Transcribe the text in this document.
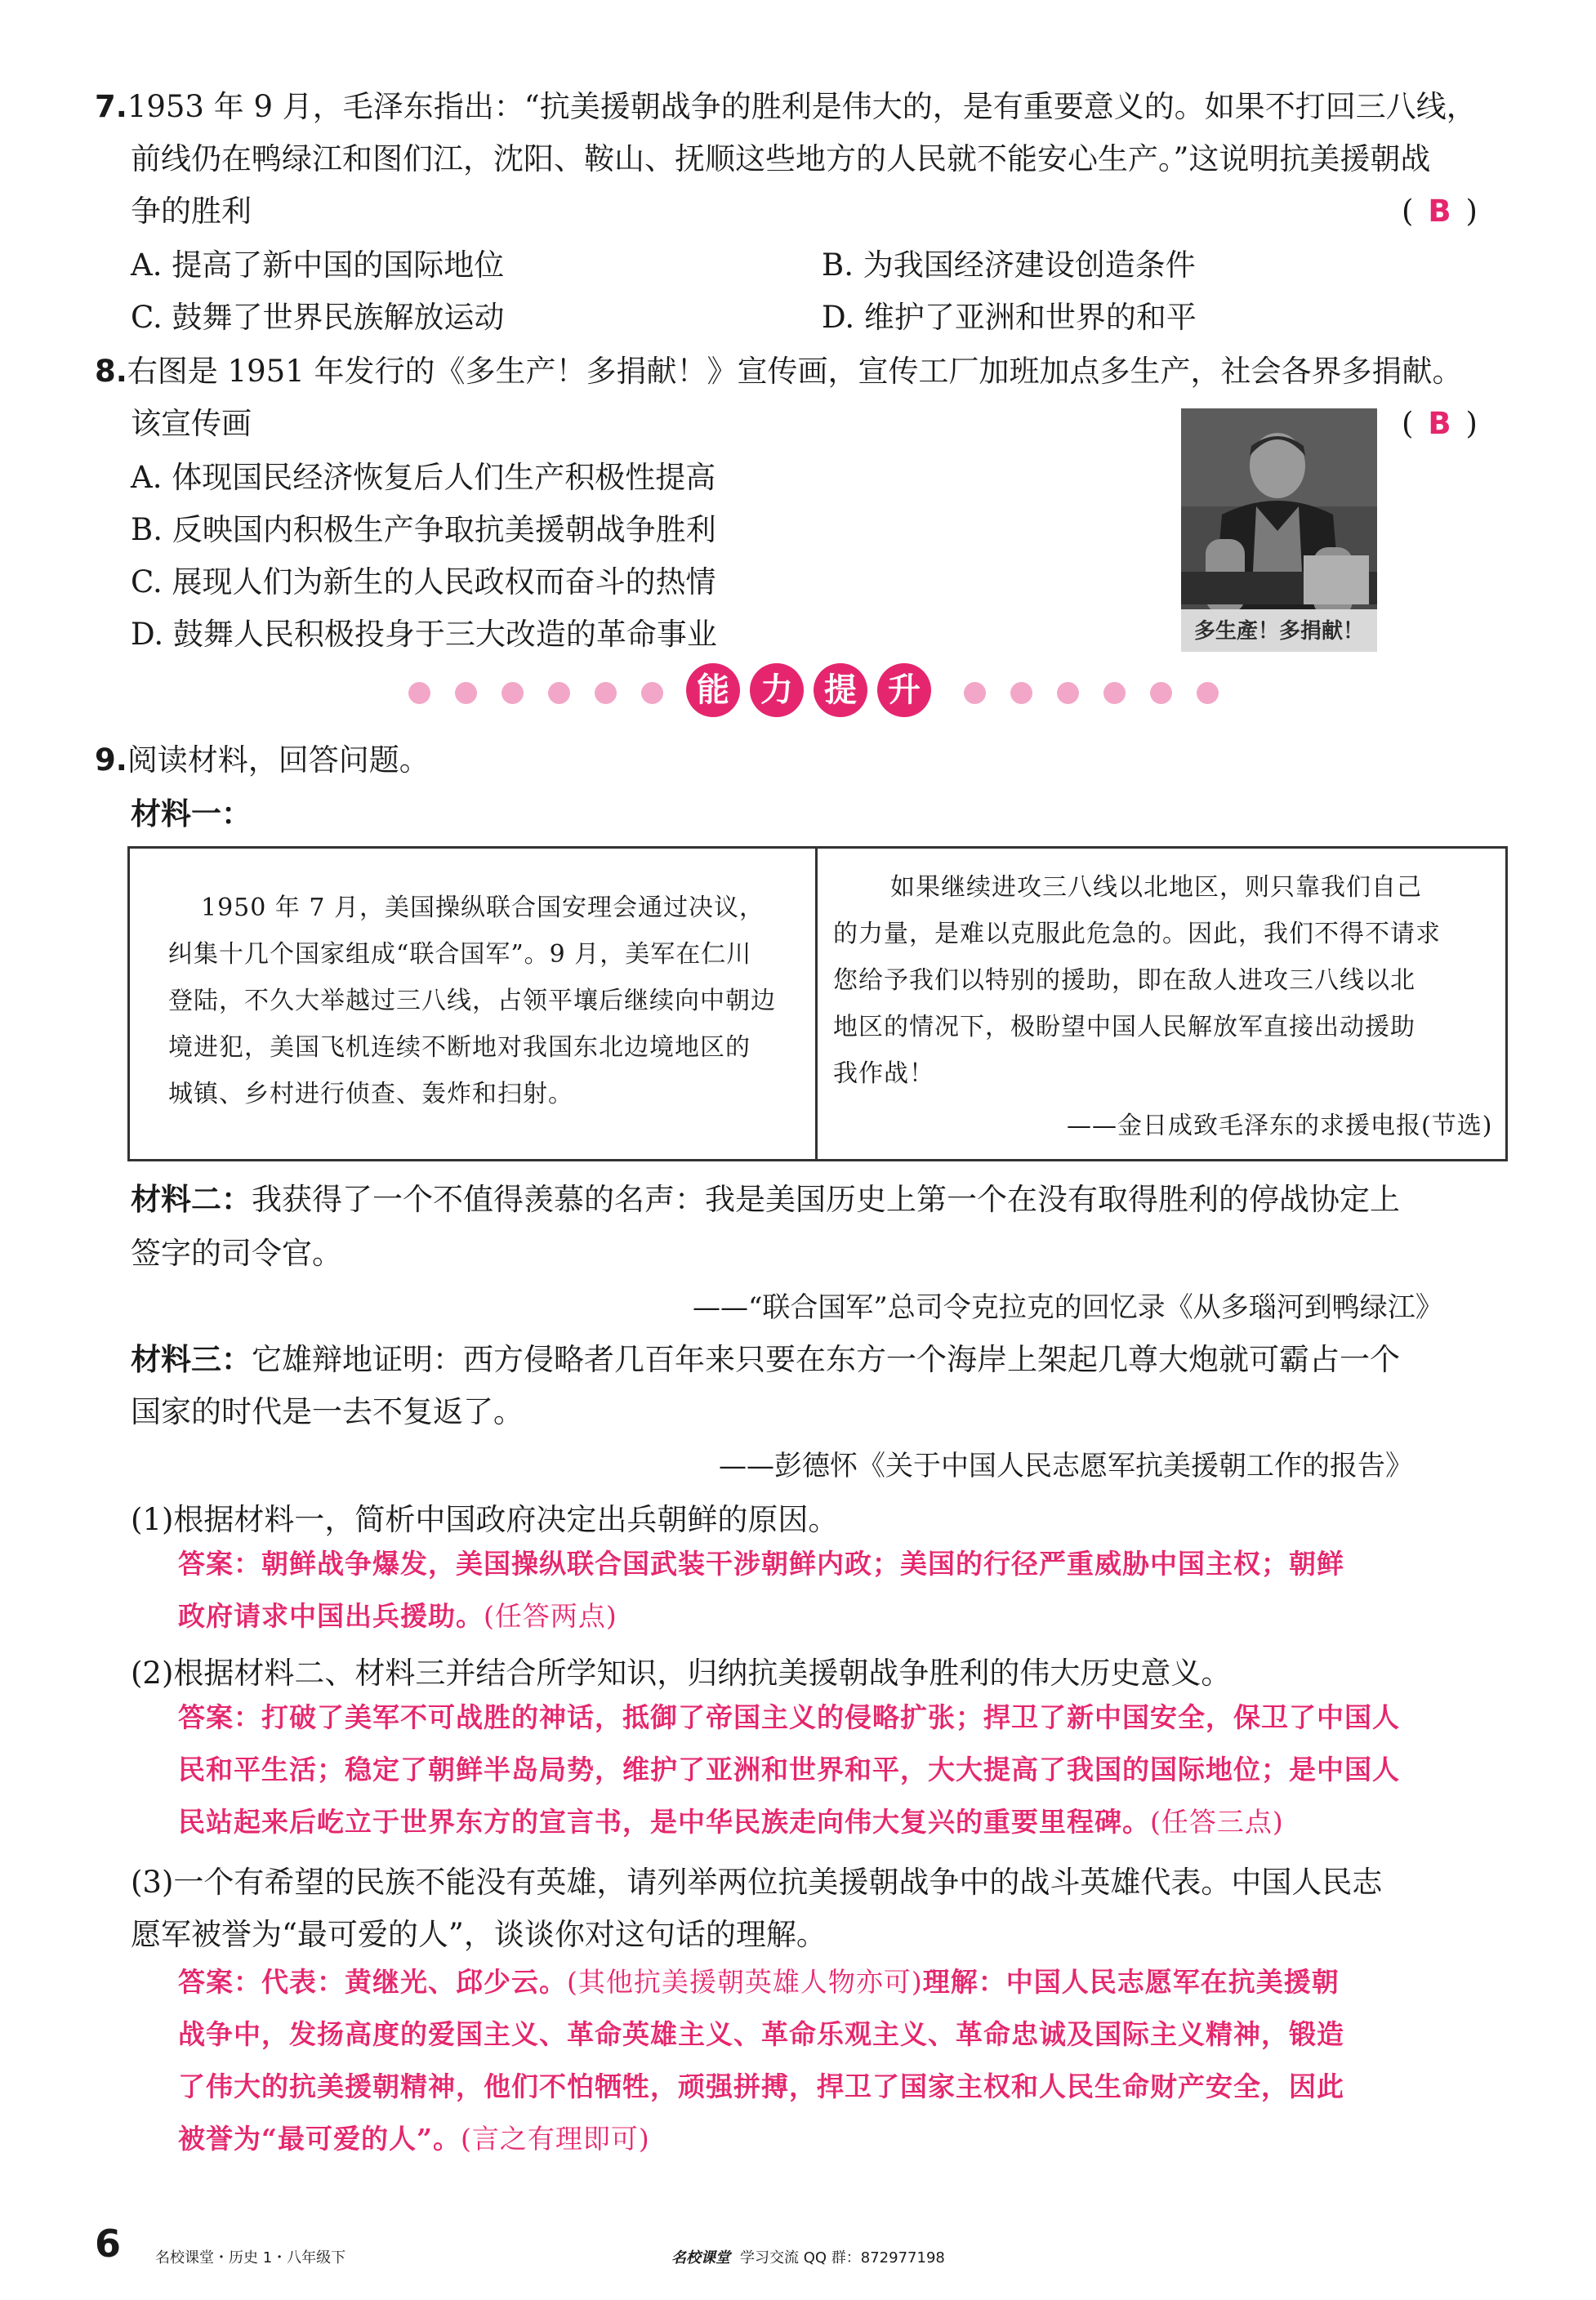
7.1953 年 9 月，毛泽东指出：“抗美援朝战争的胜利是伟大的，是有重要意义的。如果不打回三八线，
前线仍在鸭绿江和图们江，沈阳、鞍山、抚顺这些地方的人民就不能安心生产。”这说明抗美援朝战
争的胜利	( B )
A. 提高了新中国的国际地位	B. 为我国经济建设创造条件
C. 鼓舞了世界民族解放运动	D. 维护了亚洲和世界的和平
8.右图是 1951 年发行的《多生产！多捐献！》宣传画，宣传工厂加班加点多生产，社会各界多捐献。
该宣传画	( B )
A. 体现国民经济恢复后人们生产积极性提高
B. 反映国内积极生产争取抗美援朝战争胜利
C. 展现人们为新生的人民政权而奋斗的热情
D. 鼓舞人民积极投身于三大改造的革命事业	多生產！多捐献！
能 力 提 升
9.阅读材料，回答问题。
材料一：
1950 年 7 月，美国操纵联合国安理会通过决议，
纠集十几个国家组成“联合国军”。9 月，美军在仁川
登陆，不久大举越过三八线，占领平壤后继续向中朝边
境进犯，美国飞机连续不断地对我国东北边境地区的
城镇、乡村进行侦查、轰炸和扫射。
如果继续进攻三八线以北地区，则只靠我们自己
的力量，是难以克服此危急的。因此，我们不得不请求
您给予我们以特别的援助，即在敌人进攻三八线以北
地区的情况下，极盼望中国人民解放军直接出动援助
我作战！
——金日成致毛泽东的求援电报(节选)
材料二：我获得了一个不值得羡慕的名声：我是美国历史上第一个在没有取得胜利的停战协定上
签字的司令官。
——“联合国军”总司令克拉克的回忆录《从多瑙河到鸭绿江》
材料三：它雄辩地证明：西方侵略者几百年来只要在东方一个海岸上架起几尊大炮就可霸占一个
国家的时代是一去不复返了。
——彭德怀《关于中国人民志愿军抗美援朝工作的报告》
(1)根据材料一，简析中国政府决定出兵朝鲜的原因。
答案：朝鲜战争爆发，美国操纵联合国武装干涉朝鲜内政；美国的行径严重威胁中国主权；朝鲜
政府请求中国出兵援助。(任答两点)
(2)根据材料二、材料三并结合所学知识，归纳抗美援朝战争胜利的伟大历史意义。
答案：打破了美军不可战胜的神话，抵御了帝国主义的侵略扩张；捍卫了新中国安全，保卫了中国人
民和平生活；稳定了朝鲜半岛局势，维护了亚洲和世界和平，大大提高了我国的国际地位；是中国人
民站起来后屹立于世界东方的宣言书，是中华民族走向伟大复兴的重要里程碑。(任答三点)
(3)一个有希望的民族不能没有英雄，请列举两位抗美援朝战争中的战斗英雄代表。中国人民志
愿军被誉为“最可爱的人”，谈谈你对这句话的理解。
答案：代表：黄继光、邱少云。(其他抗美援朝英雄人物亦可)理解：中国人民志愿军在抗美援朝
战争中，发扬高度的爱国主义、革命英雄主义、革命乐观主义、革命忠诚及国际主义精神，锻造
了伟大的抗美援朝精神，他们不怕牺牲，顽强拼搏，捍卫了国家主权和人民生命财产安全，因此
被誉为“最可爱的人”。(言之有理即可)
6 名校课堂・历史 1・八年级下	名校课堂 学习交流 QQ 群：872977198
